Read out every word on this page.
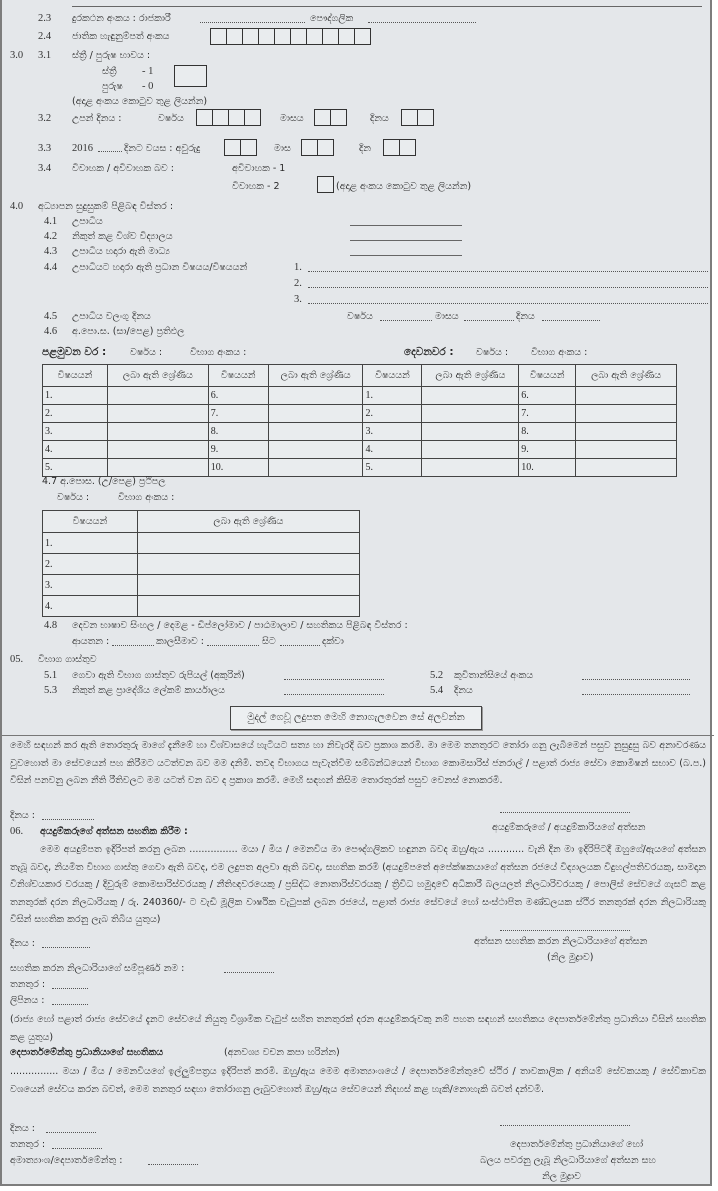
2.3 දුරකථන අංකය : රාජකාරී	පෞද්ගලික
2.4 ජාතික හැඳුනුම්පත් අංකය
3.0 3.1 ස්ත්‍රී / පුරුෂ භාවය :
ස්ත්‍රී - 1
පුරුෂ - 0
(අදාළ අංකය කොටුව තුළ ලියන්න)
3.2 උපන් දිනය :	වර්ෂය	මාසය	දිනය
3.3 2016	දිනට වයස : අවුරුදු	මාස	දින
3.4 විවාහක / අවිවාහක බව :	අවිවාහක - 1
විවාහක - 2	(අදාළ අංකය කොටුව තුළ ලියන්න)
4.0 අධ්‍යාපන සුදුසුකම් පිළිබඳ විස්තර :
4.1 උපාධිය
4.2 නිකුත් කළ විශ්ව විද්‍යාලය
4.3 උපාධිය හදාරා ඇති මාධ්‍ය
4.4 උපාධියට හදාරා ඇති ප්‍රධාන විෂයය/විෂයයන්	1.
2.
3.
4.5 උපාධිය වලංගු දිනය	වර්ෂය	මාසය	දිනය
4.6 අ.පො.ස. (සා/පෙළ) ප්‍රතිඵල
පළමුවන වර :	වර්ෂය :	විභාග අංකය :	දෙවනවර : වර්ෂය : විභාග අංකය :
විෂයයන්	ලබා ඇති ශ්‍රේණිය	විෂයයන්	ලබා ඇති ශ්‍රේණිය	විෂයයන්	ලබා ඇති ශ්‍රේණිය	විෂයයන්	ලබා ඇති ශ්‍රේණිය
1.		6.		1.		6.	
2.		7.		2.		7.	
3.		8.		3.		8.	
4.		9.		4.		9.	
5.		10.		5.		10.	
4.7 අ.පොස. (උ/පෙළ) ප්‍රථිපල
වර්ෂය :	විභාග අංකය :
විෂයයන්	ලබා ඇති ශ්‍රේණිය
1.	
2.	
3.	
4.	
4.8 දෙවන භාෂාව සිංහල / දෙමළ - ඩිප්ලෝමාව / පාඨමාලාව / සහතිකය පිළිබඳ විස්තර :
ආයතන :	කාලසීමාව :	සිට	දක්වා
05. විභාග ගාස්තුව
5.1 ගෙවා ඇති විභාග ගාස්තුව රුපියල් (අකුරින්)	5.2 කුවිතාන්සියේ අංකය
5.3 නිකුත් කළ ප්‍රාදේශිය ලේකම් කාර්යාලය	5.4 දිනය
මුදල් ගෙවූ ලදුපත මෙහි නොගැලවෙන සේ අලවන්න
මෙහි සඳහන් කර ඇති තොරතුරු මාගේ දැනීමේ හා විශ්වාසයේ හැටියට සත්‍ය හා නිවැරදි බව ප්‍රකාශ කරමි. මා මෙම තනතුරට තෝරා ගනු ලැබීමෙන් පසුව නුසුදුසු බව අනාවරණය වුවහොත් මා සේවයෙන් පහ කිරීමට යටත්වන බව මම දනිමි. තවද විභාගය පැවැත්වීම සම්බන්ධයෙන් විභාග කොමසාරිස් ජනරාල් / පළාත් රාජ්‍ය සේවා කොමිෂන් සභාව (බ.ප.) විසින් පනවනු ලබන නීති රීතිවලට මම යටත් වන බව ද ප්‍රකාශ කරමි. මෙහි සඳහන් කිසිම තොරතුරක් පසුව වෙනස් නොකරමි.
දිනය :
අයදුම්කරුගේ / අයදුම්කාරියගේ අත්සන
06. අයදුම්කරුගේ අත්සන සහතික කිරීම :
මෙම අයදුම්පත ඉදිරිපත් කරනු ලබන ................ මයා / මිය / මෙනවිය මා පෞද්ගලිකව හඳුනන බවද ඔහු/ඇය ............ වැනි දින මා ඉදිරිපිටදී ඔහුගේ/ඇයගේ අත්සන තැබූ බවද, නියමිත විභාග ගාස්තු ගෙවා ඇති බවද, එම ලදුපත අලවා ඇති බවද, සහතික කරමි (අයදුම්පතේ අපේක්ෂකයාගේ අත්සන රජයේ විද්‍යාලයක විදුහල්පතිවරයකු, සාමදාන විනිශ්චයකාර වරයකු / දිවුරුම් කොමසාරිස්වරයකු / නීතිඥවරයෙකු / ප්‍රසිද්ධ නොතාරිස්වරයකු / ත්‍රිවිධ හමුදාවේ අධිකාරී බලයලත් නිලධාරිවරයකු / පොලිස් සේවයේ ගැසට් කළ තනතුරක් දරන නිලධාරියකු / රු. 240360/- ට වැඩි මූලික වාර්ෂික වැටුපක් ලබන රජයේ, පළාත් රාජ්‍ය සේවයේ හෝ සංස්ථාපිත මණ්ඩලයක ස්ථිර තනතුරක් දරන නිලධාරියකු විසින් සහතික කරනු ලැබ තිබිය යුතුය)
අත්සන සහතික කරන නිලධාරියාගේ අත්සන
(නිල මුද්‍රාව)
දිනය :
සහතික කරන නිලධාරියාගේ සම්පූර්ණ නම :
තනතුර :
ලිපිනය :
(රාජ්‍ය හෝ පළාත් රාජ්‍ය සේවයේ දැනට සේවයේ නියුතු විශ්‍රාමික වැටුප් සහිත තනතුරක් දරන අයදුම්කරුවකු නම් පහත සඳහන් සහතිකය දෙපාර්තමේන්තු ප්‍රධානියා විසින් සහතික කළ යුතුය)
දෙපාර්තමේන්තු ප්‍රධානියාගේ සහතිකය	(අනවශ්‍ය වචන කපා හරින්න)
................ මයා / මිය / මෙනවියගේ ඉල්ලුම්පත්‍රය ඉදිරිපත් කරමි. ඔහු/ඇය මෙම අමාත්‍යාංශයේ / දෙපාර්තමේන්තුවේ ස්ථිර / තාවකාලික / අනියම් සේවකයකු / සේවිකාවක වශයෙන් සේවය කරන බවත්, මෙම තනතුර සඳහා තෝරාගනු ලැබුවහොත් ඔහු/ඇය සේවයෙන් නිදහස් කළ හැකි/නොහැකි බවත් දන්වමි.
දිනය :
තනතුර :
අමාත්‍යාංශ/දෙපාර්තමේන්තු :
දෙපාර්තමේන්තු ප්‍රධානියාගේ හෝ
බලය පවරනු ලැබූ නිලධාරියාගේ අත්සන සහ
නිල මුද්‍රාව
